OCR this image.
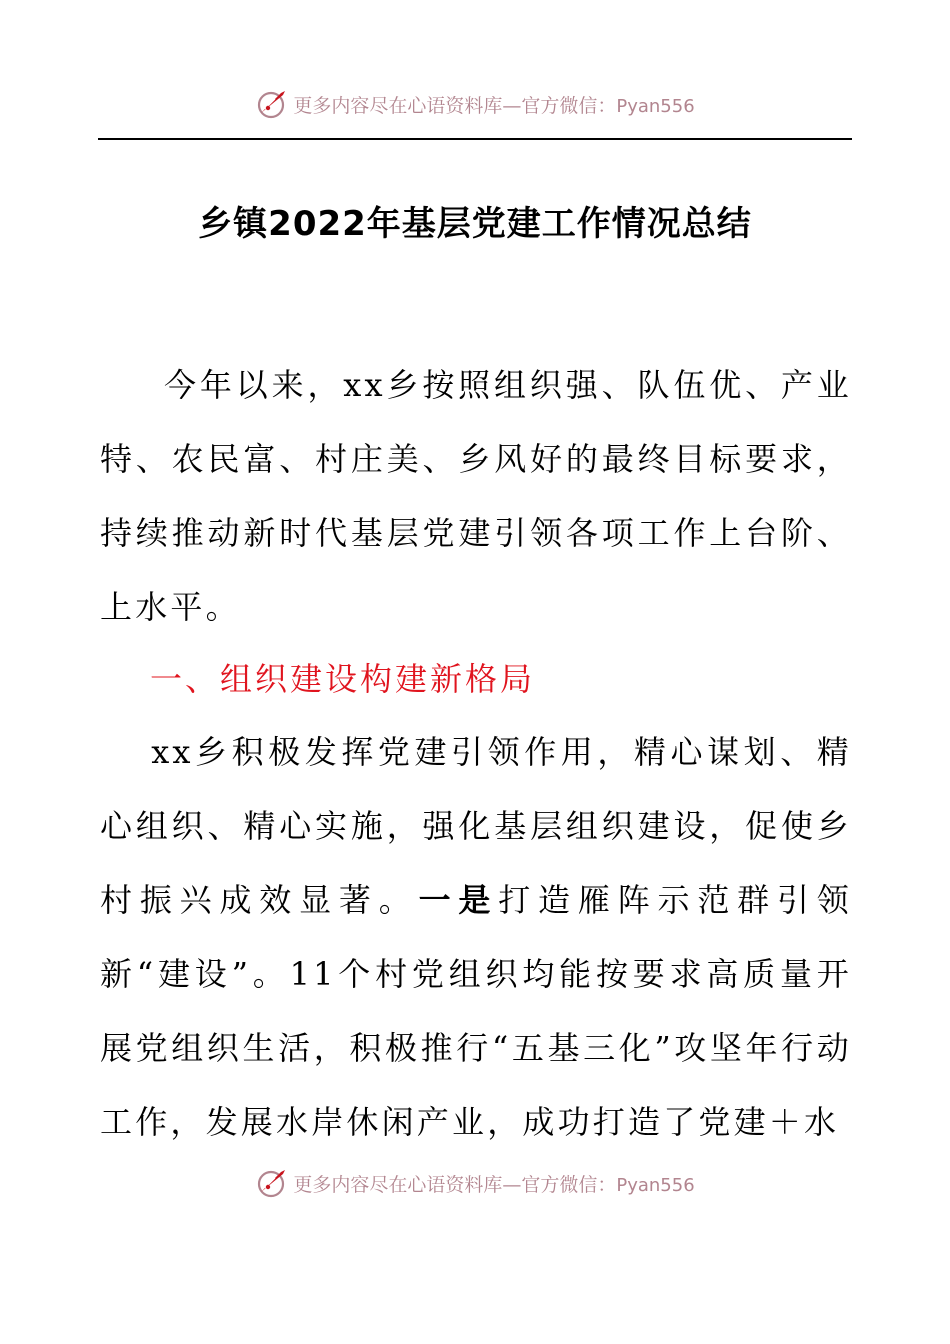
更多内容尽在心语资料库—官方微信：Pyan556
乡镇2022年基层党建工作情况总结
今年以来，xx乡按照组织强、队伍优、产业特、农民富、村庄美、乡风好的最终目标要求，持续推动新时代基层党建引领各项工作上台阶、上水平。
一、组织建设构建新格局
xx乡积极发挥党建引领作用，精心谋划、精心组织、精心实施，强化基层组织建设，促使乡村振兴成效显著。一是打造雁阵示范群引领新“建设”。11个村党组织均能按要求高质量开展党组织生活，积极推行“五基三化”攻坚年行动工作，发展水岸休闲产业，成功打造了党建＋水
更多内容尽在心语资料库—官方微信：Pyan556
